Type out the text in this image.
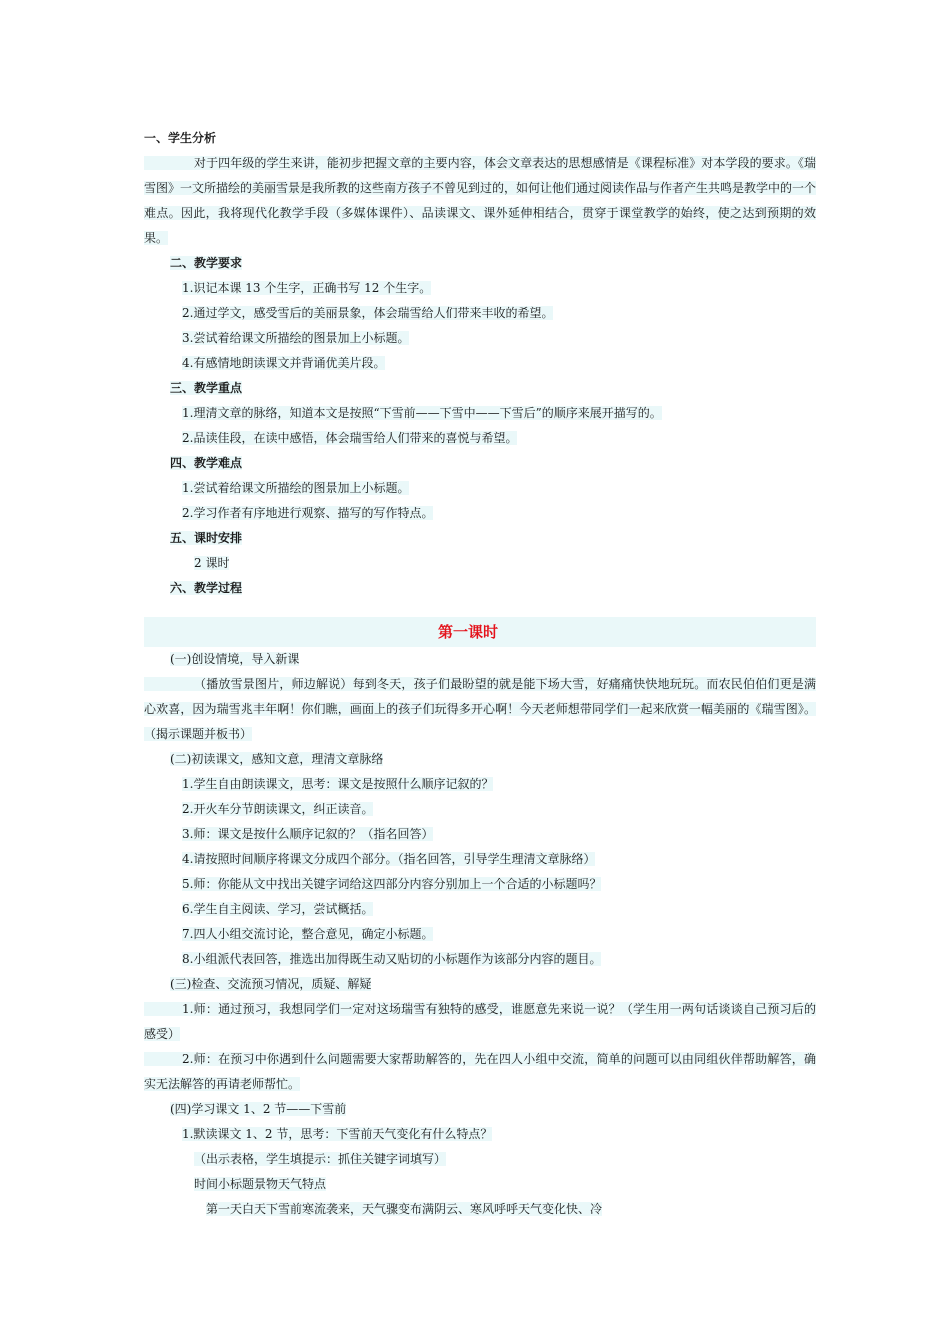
一、学生分析
对于四年级的学生来讲，能初步把握文章的主要内容，体会文章表达的思想感情是《课程标准》对本学段的要求。《瑞雪图》一文所描绘的美丽雪景是我所教的这些南方孩子不曾见到过的，如何让他们通过阅读作品与作者产生共鸣是教学中的一个难点。因此，我将现代化教学手段（多媒体课件）、品读课文、课外延伸相结合，贯穿于课堂教学的始终，使之达到预期的效果。
二、教学要求
1.识记本课 13 个生字，正确书写 12 个生字。
2.通过学文，感受雪后的美丽景象，体会瑞雪给人们带来丰收的希望。
3.尝试着给课文所描绘的图景加上小标题。
4.有感情地朗读课文并背诵优美片段。
三、教学重点
1.理清文章的脉络，知道本文是按照“下雪前——下雪中——下雪后”的顺序来展开描写的。
2.品读佳段，在读中感悟，体会瑞雪给人们带来的喜悦与希望。
四、教学难点
1.尝试着给课文所描绘的图景加上小标题。
2.学习作者有序地进行观察、描写的写作特点。
五、课时安排
2 课时
六、教学过程
第一课时
(一)创设情境，导入新课
（播放雪景图片，师边解说）每到冬天，孩子们最盼望的就是能下场大雪，好痛痛快快地玩玩。而农民伯伯们更是满心欢喜，因为瑞雪兆丰年啊！你们瞧，画面上的孩子们玩得多开心啊！今天老师想带同学们一起来欣赏一幅美丽的《瑞雪图》。（揭示课题并板书）
(二)初读课文，感知文意，理清文章脉络
1.学生自由朗读课文，思考：课文是按照什么顺序记叙的？
2.开火车分节朗读课文，纠正读音。
3.师：课文是按什么顺序记叙的？（指名回答）
4.请按照时间顺序将课文分成四个部分。（指名回答，引导学生理清文章脉络）
5.师：你能从文中找出关键字词给这四部分内容分别加上一个合适的小标题吗？
6.学生自主阅读、学习，尝试概括。
7.四人小组交流讨论，整合意见，确定小标题。
8.小组派代表回答，推选出加得既生动又贴切的小标题作为该部分内容的题目。
(三)检查、交流预习情况，质疑、解疑
1.师：通过预习，我想同学们一定对这场瑞雪有独特的感受，谁愿意先来说一说？（学生用一两句话谈谈自己预习后的感受）
2.师：在预习中你遇到什么问题需要大家帮助解答的，先在四人小组中交流，简单的问题可以由同组伙伴帮助解答，确实无法解答的再请老师帮忙。
(四)学习课文 1、2 节——下雪前
1.默读课文 1、2 节，思考：下雪前天气变化有什么特点？
（出示表格，学生填提示：抓住关键字词填写）
时间小标题景物天气特点
第一天白天下雪前寒流袭来，天气骤变布满阴云、寒风呼呼天气变化快、冷
